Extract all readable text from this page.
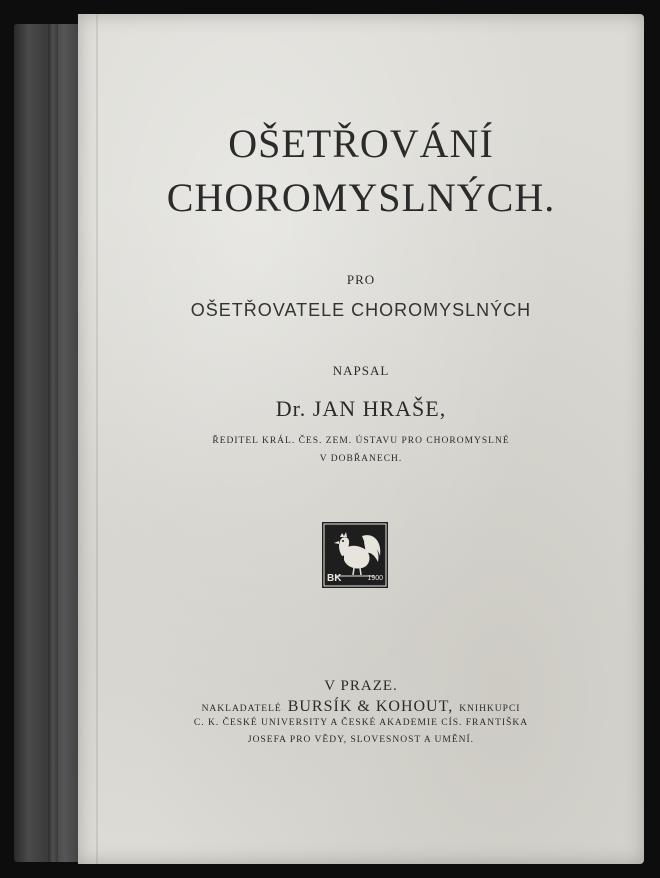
OŠETŘOVÁNÍ
CHOROMYSLNÝCH.
PRO
OŠETŘOVATELE CHOROMYSLNÝCH
NAPSAL
Dr. JAN HRAŠE,
ŘEDITEL KRÁL. ČES. ZEM. ÚSTAVU PRO CHOROMYSLNÉ
V DOBŘANECH.
BK	1900
V PRAZE.
NAKLADATELÉ BURSÍK & KOHOUT, KNIHKUPCI
C. K. ČESKÉ UNIVERSITY A ČESKÉ AKADEMIE CÍS. FRANTIŠKA
JOSEFA PRO VĚDY, SLOVESNOST A UMĚNÍ.
